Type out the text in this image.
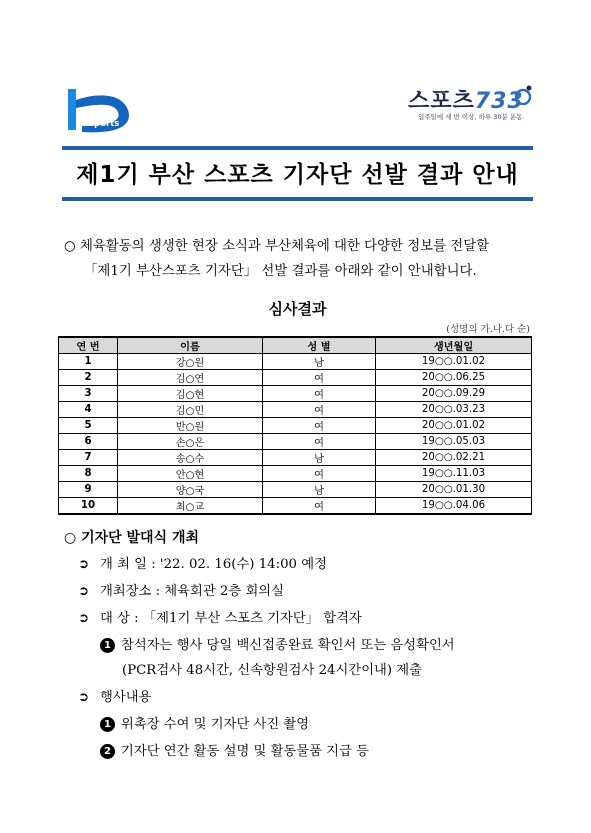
Busan
Sports
스포츠733
일주일에 세 번 이상, 하루 30분 운동
제1기 부산 스포츠 기자단 선발 결과 안내
○ 체육활동의 생생한 현장 소식과 부산체육에 대한 다양한 정보를 전달할
「제1기 부산스포츠 기자단」 선발 결과를 아래와 같이 안내합니다.
심사결과
(성명의 가.나.다 순)
연 번	이름	성 별	생년월일
1	강○원	남	19○○.01.02
2	김○연	여	20○○.06.25
3	김○현	여	20○○.09.29
4	김○민	여	20○○.03.23
5	반○원	여	20○○.01.02
6	손○은	여	19○○.05.03
7	송○수	남	20○○.02.21
8	안○현	여	19○○.11.03
9	양○국	남	20○○.01.30
10	최○교	여	19○○.04.06
○ 기자단 발대식 개최
➲ 개 최 일 : '22. 02. 16(수) 14:00 예정
➲ 개최장소 : 체육회관 2층 회의실
➲ 대 상 : 「제1기 부산 스포츠 기자단」 합격자
1 참석자는 행사 당일 백신접종완료 확인서 또는 음성확인서
(PCR검사 48시간, 신속항원검사 24시간이내) 제출
➲ 행사내용
1 위촉장 수여 및 기자단 사진 촬영
2 기자단 연간 활동 설명 및 활동물품 지급 등
